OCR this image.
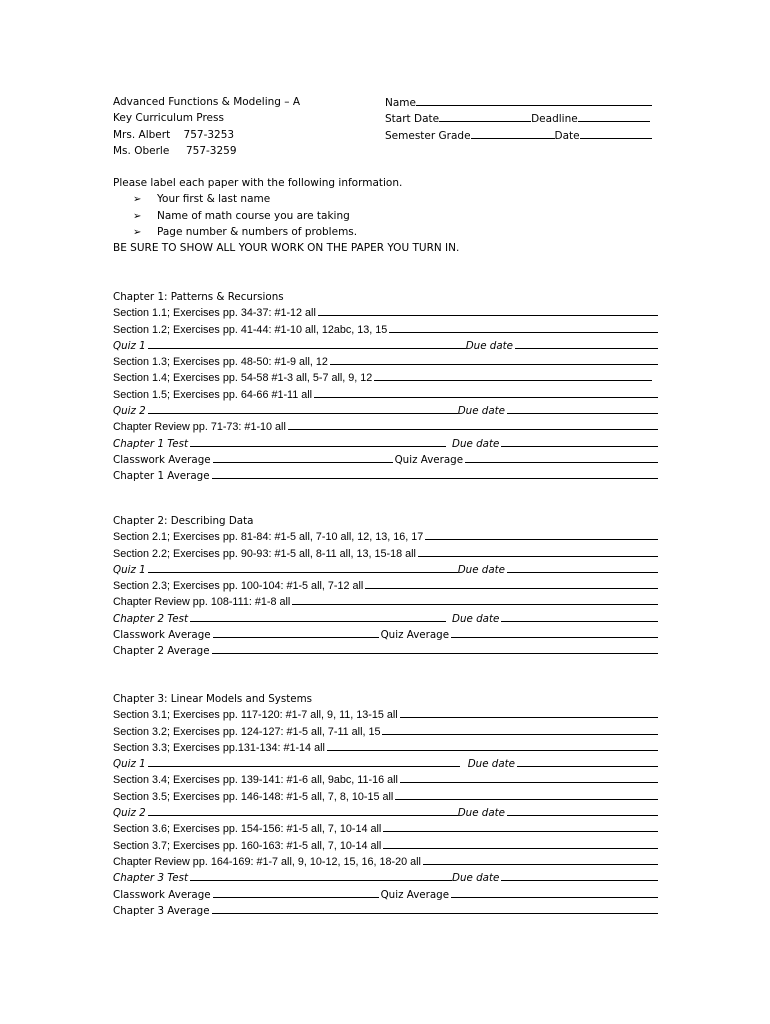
Advanced Functions & Modeling – A
Key Curriculum Press
Mrs. Albert    757-3253
Ms. Oberle     757-3259
Name
Start Date	Deadline
Semester Grade	Date
Please label each paper with the following information.
➢ Your first & last name
➢ Name of math course you are taking
➢ Page number & numbers of problems.
BE SURE TO SHOW ALL YOUR WORK ON THE PAPER YOU TURN IN.
Chapter 1: Patterns & Recursions
Section 1.1; Exercises pp. 34-37: #1-12 all
Section 1.2; Exercises pp. 41-44: #1-10 all, 12abc, 13, 15
Quiz 1	Due date
Section 1.3; Exercises pp. 48-50: #1-9 all, 12
Section 1.4; Exercises pp. 54-58 #1-3 all, 5-7 all, 9, 12
Section 1.5; Exercises pp. 64-66 #1-11 all
Quiz 2	Due date
Chapter Review pp. 71-73: #1-10 all
Chapter 1 Test	Due date
Classwork Average	Quiz Average
Chapter 1 Average
Chapter 2: Describing Data
Section 2.1; Exercises pp. 81-84: #1-5 all, 7-10 all, 12, 13, 16, 17
Section 2.2; Exercises pp. 90-93: #1-5 all, 8-11 all, 13, 15-18 all
Quiz 1	Due date
Section 2.3; Exercises pp. 100-104: #1-5 all, 7-12 all
Chapter Review pp. 108-111: #1-8 all
Chapter 2 Test	Due date
Classwork Average	Quiz Average
Chapter 2 Average
Chapter 3: Linear Models and Systems
Section 3.1; Exercises pp. 117-120: #1-7 all, 9, 11, 13-15 all
Section 3.2; Exercises pp. 124-127: #1-5 all, 7-11 all, 15
Section 3.3; Exercises pp.131-134: #1-14 all
Quiz 1	Due date
Section 3.4; Exercises pp. 139-141: #1-6 all, 9abc, 11-16 all
Section 3.5; Exercises pp. 146-148: #1-5 all, 7, 8, 10-15 all
Quiz 2	Due date
Section 3.6; Exercises pp. 154-156: #1-5 all, 7, 10-14 all
Section 3.7; Exercises pp. 160-163: #1-5 all, 7, 10-14 all
Chapter Review pp. 164-169: #1-7 all, 9, 10-12, 15, 16, 18-20 all
Chapter 3 Test	Due date
Classwork Average	Quiz Average
Chapter 3 Average
